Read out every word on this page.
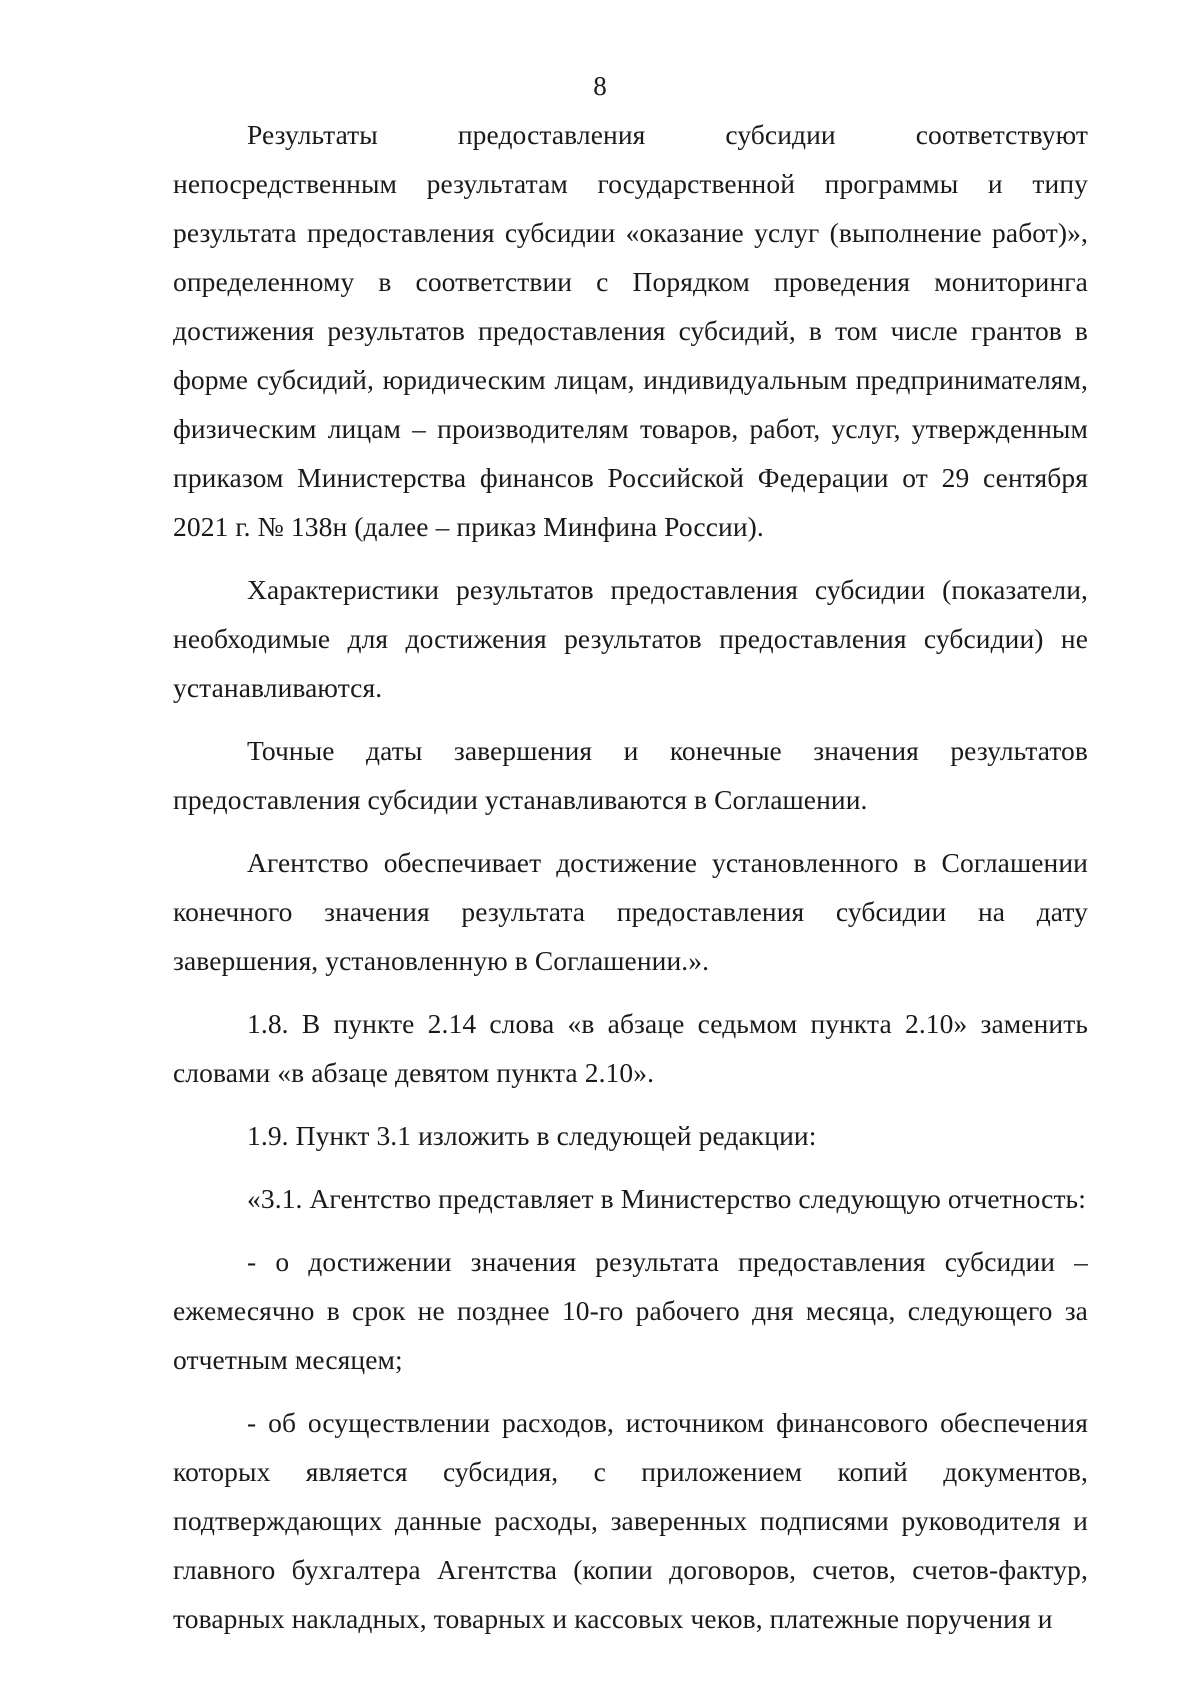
8

Результаты предоставления субсидии соответствуют непосредственным результатам государственной программы и типу результата предоставления субсидии «оказание услуг (выполнение работ)», определенному в соответствии с Порядком проведения мониторинга достижения результатов предоставления субсидий, в том числе грантов в форме субсидий, юридическим лицам, индивидуальным предпринимателям, физическим лицам – производителям товаров, работ, услуг, утвержденным приказом Министерства финансов Российской Федерации от 29 сентября 2021 г. № 138н (далее – приказ Минфина России).

Характеристики результатов предоставления субсидии (показатели, необходимые для достижения результатов предоставления субсидии) не устанавливаются.

Точные даты завершения и конечные значения результатов предоставления субсидии устанавливаются в Соглашении.

Агентство обеспечивает достижение установленного в Соглашении конечного значения результата предоставления субсидии на дату завершения, установленную в Соглашении.».

1.8. В пункте 2.14 слова «в абзаце седьмом пункта 2.10» заменить словами «в абзаце девятом пункта 2.10».

1.9. Пункт 3.1 изложить в следующей редакции:

«3.1. Агентство представляет в Министерство следующую отчетность:

- о достижении значения результата предоставления субсидии – ежемесячно в срок не позднее 10-го рабочего дня месяца, следующего за отчетным месяцем;

- об осуществлении расходов, источником финансового обеспечения которых является субсидия, с приложением копий документов, подтверждающих данные расходы, заверенных подписями руководителя и главного бухгалтера Агентства (копии договоров, счетов, счетов-фактур, товарных накладных, товарных и кассовых чеков, платежные поручения и
